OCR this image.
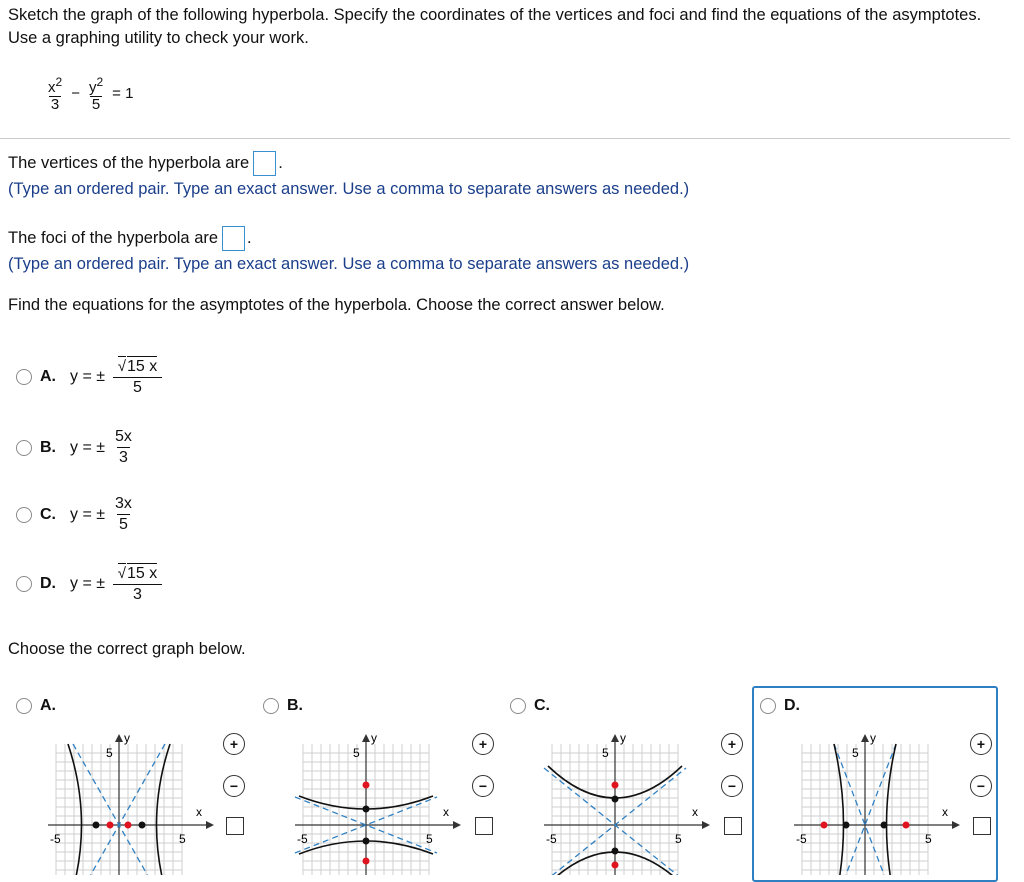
Sketch the graph of the following hyperbola. Specify the coordinates of the vertices and foci and find the equations of the asymptotes. Use a graphing utility to check your work.
$\frac{x^2}{3} - \frac{y^2}{5} = 1$
The vertices of the hyperbola are .
(Type an ordered pair. Type an exact answer. Use a comma to separate answers as needed.)
The foci of the hyperbola are .
(Type an ordered pair. Type an exact answer. Use a comma to separate answers as needed.)
Find the equations for the asymptotes of the hyperbola. Choose the correct answer below.
A. y = ± $\frac{√ 15 x}{5}$
B. y = ± $\frac{5x}{3}$
C. y = ± $\frac{3x}{5}$
D. y = ± $\frac{√ 15 x}{3}$
Choose the correct graph below.
A.	B.	C.	D.
y
x
5
-5	5
y
x
5
-5	5
y
x
5
-5	5
y
x
5
-5	5
+
−
+
−
+
−
+
−
